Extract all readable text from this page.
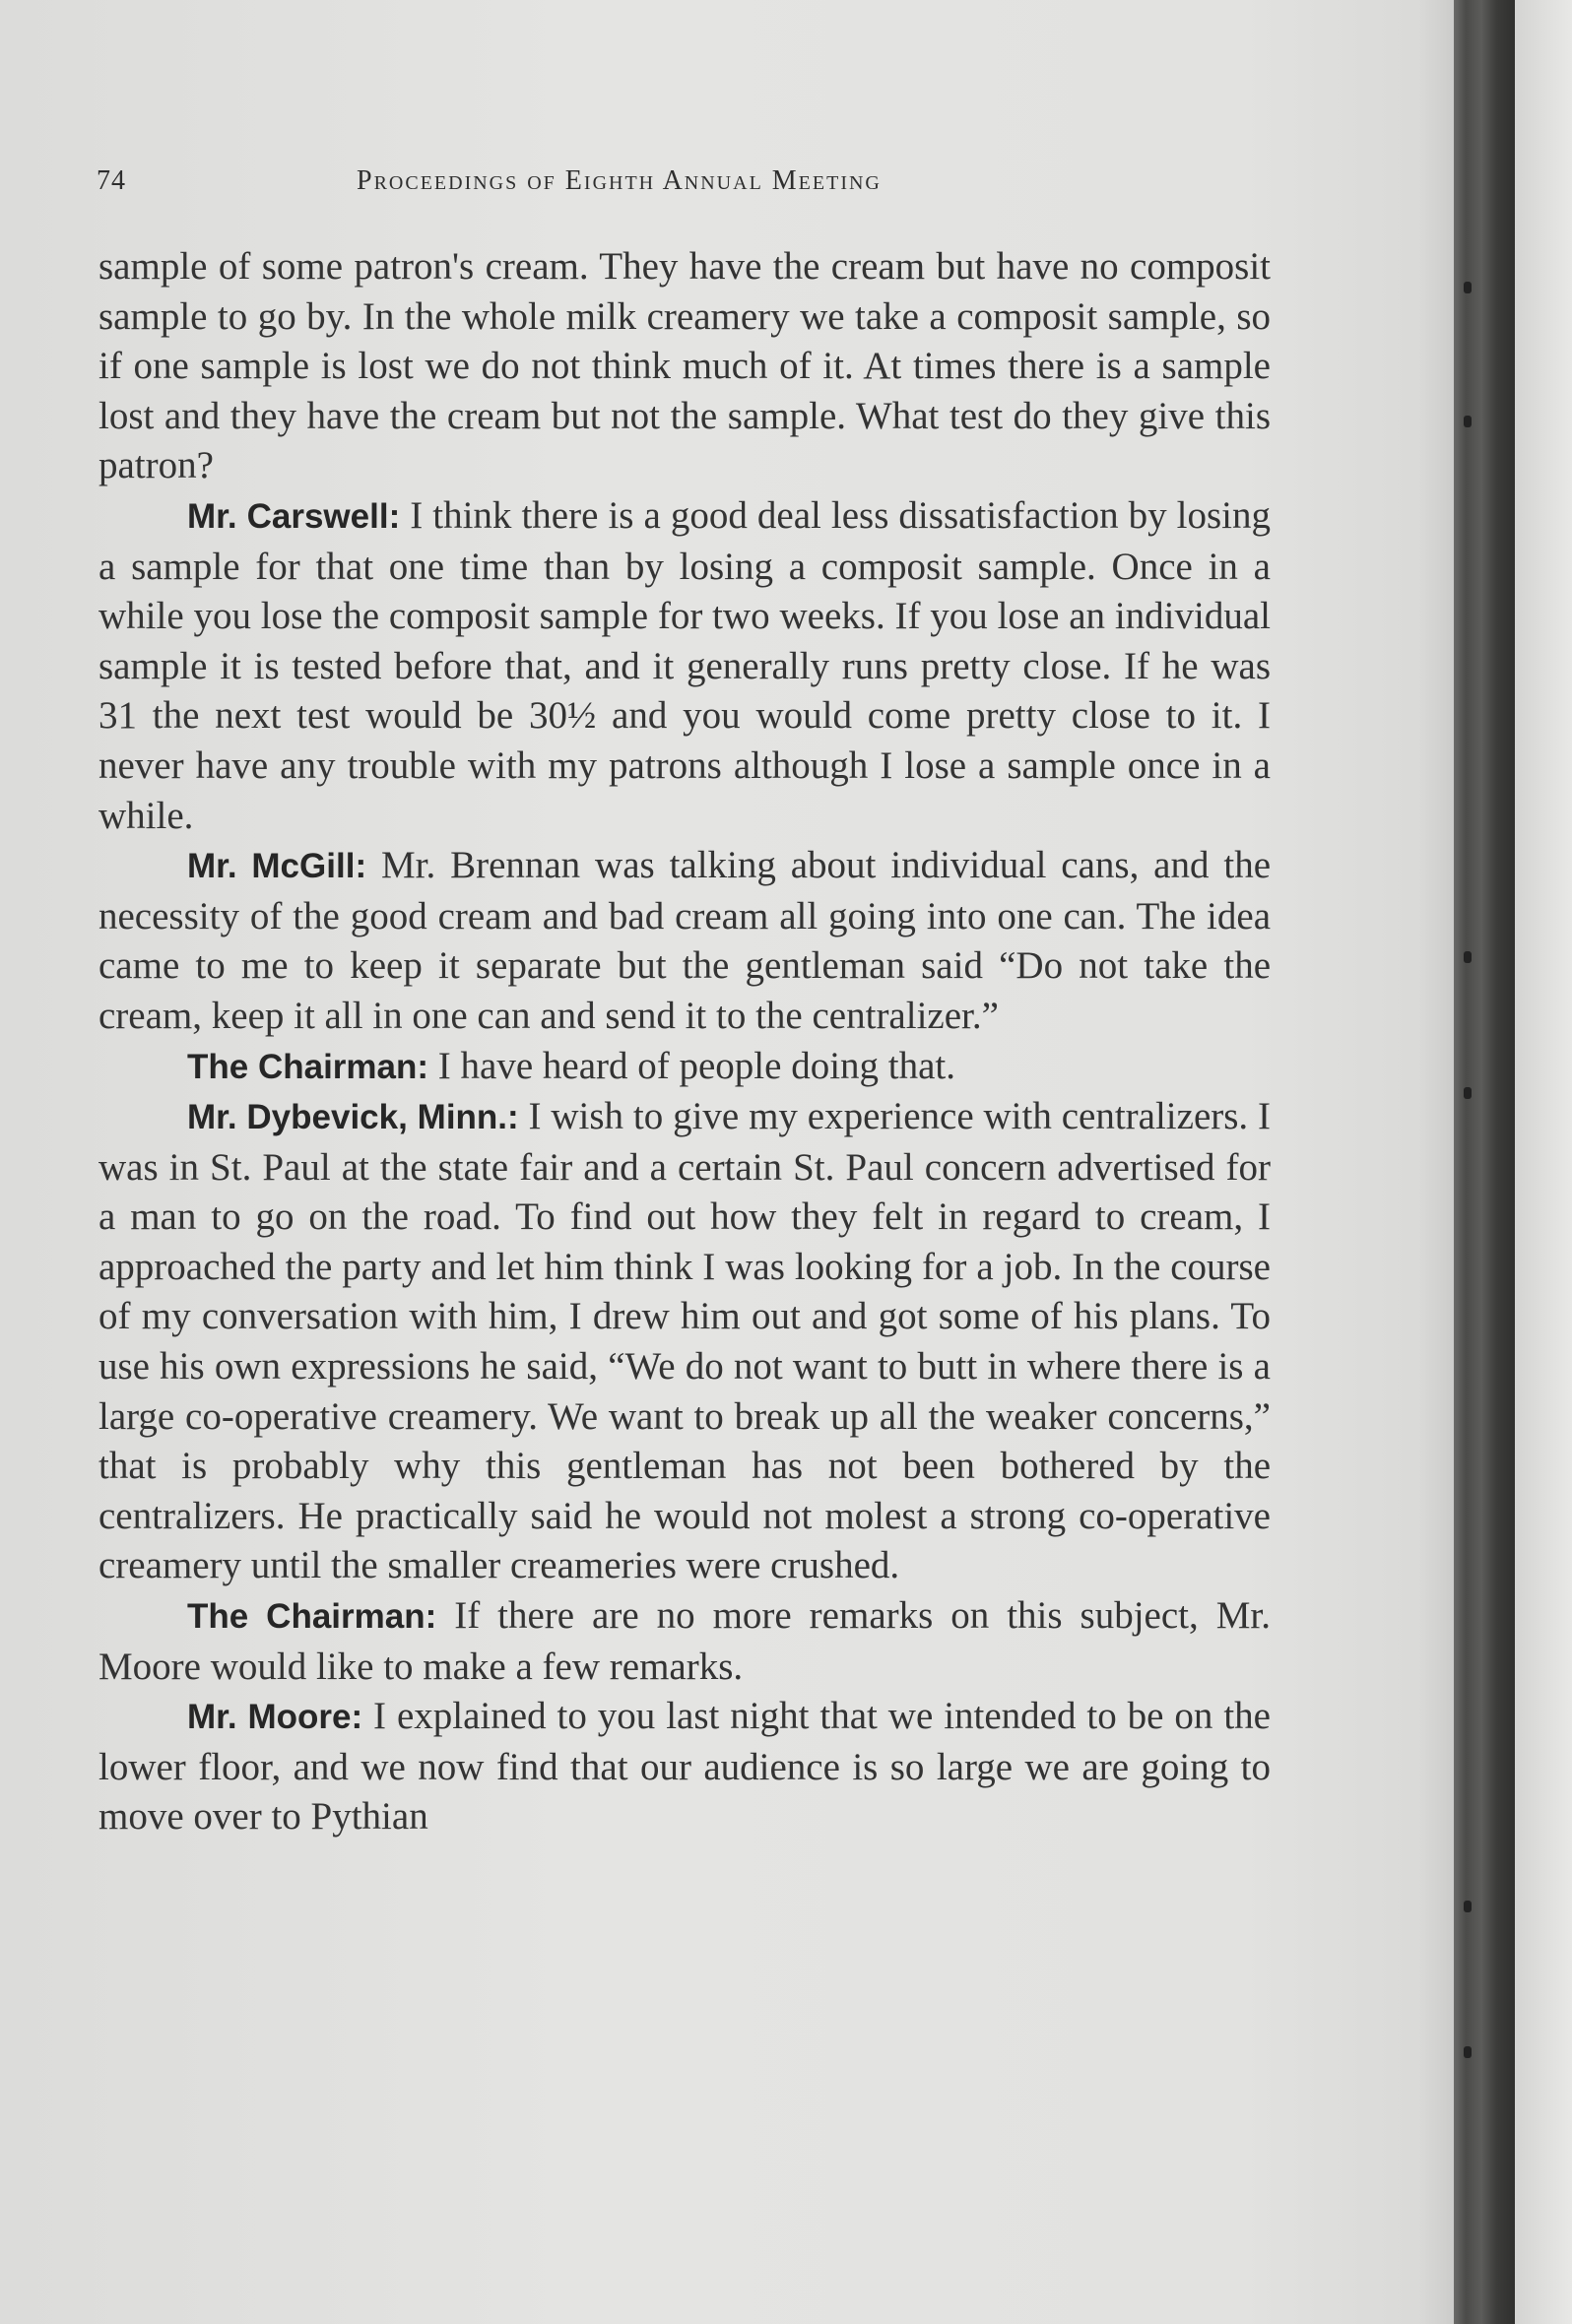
74	Proceedings of Eighth Annual Meeting

sample of some patron's cream. They have the cream but have no composit sample to go by. In the whole milk creamery we take a composit sample, so if one sample is lost we do not think much of it. At times there is a sample lost and they have the cream but not the sample. What test do they give this patron?

Mr. Carswell: I think there is a good deal less dissatisfaction by losing a sample for that one time than by losing a composit sample. Once in a while you lose the composit sample for two weeks. If you lose an individual sample it is tested before that, and it generally runs pretty close. If he was 31 the next test would be 30½ and you would come pretty close to it. I never have any trouble with my patrons although I lose a sample once in a while.

Mr. McGill: Mr. Brennan was talking about individual cans, and the necessity of the good cream and bad cream all going into one can. The idea came to me to keep it separate but the gentleman said “Do not take the cream, keep it all in one can and send it to the centralizer.”

The Chairman: I have heard of people doing that.

Mr. Dybevick, Minn.: I wish to give my experience with centralizers. I was in St. Paul at the state fair and a certain St. Paul concern advertised for a man to go on the road. To find out how they felt in regard to cream, I approached the party and let him think I was looking for a job. In the course of my conversation with him, I drew him out and got some of his plans. To use his own expressions he said, “We do not want to butt in where there is a large co-operative creamery. We want to break up all the weaker concerns,” that is probably why this gentleman has not been bothered by the centralizers. He practically said he would not molest a strong co-operative creamery until the smaller creameries were crushed.

The Chairman: If there are no more remarks on this subject, Mr. Moore would like to make a few remarks.

Mr. Moore: I explained to you last night that we intended to be on the lower floor, and we now find that our audience is so large we are going to move over to Pythian
